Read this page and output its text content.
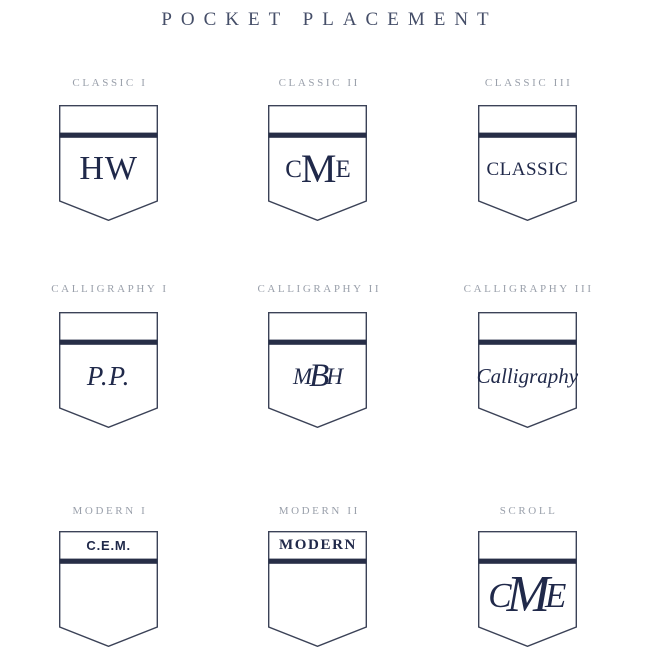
POCKET PLACEMENT
CLASSIC I
HW
CLASSIC II
C M E
CLASSIC III
CLASSIC
CALLIGRAPHY I
P.P.
CALLIGRAPHY II
M
B
H
CALLIGRAPHY III
Calligraphy
MODERN I
C.E.M.
MODERN II
MODERN
SCROLL
C
M
E
